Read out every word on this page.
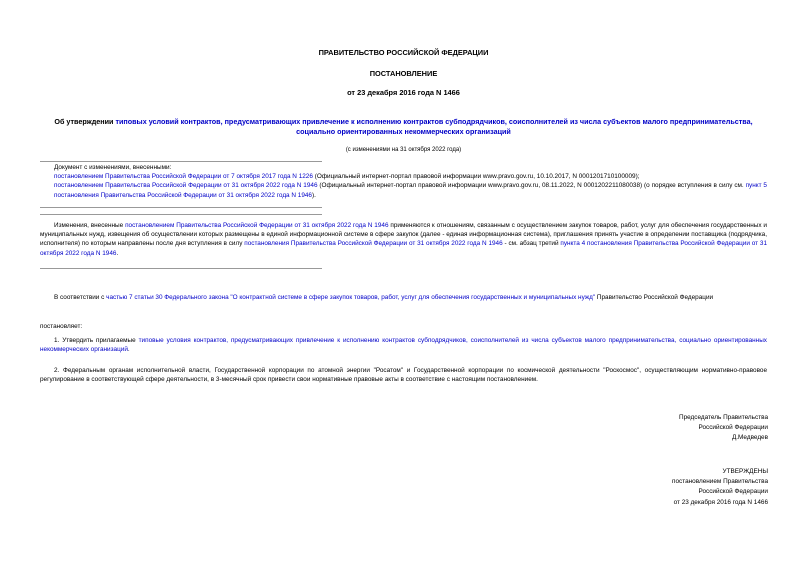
ПРАВИТЕЛЬСТВО РОССИЙСКОЙ ФЕДЕРАЦИИ
ПОСТАНОВЛЕНИЕ
от 23 декабря 2016 года N 1466
Об утверждении типовых условий контрактов, предусматривающих привлечение к исполнению контрактов субподрядчиков, соисполнителей из числа субъектов малого предпринимательства, социально ориентированных некоммерческих организаций
(с изменениями на 31 октября 2022 года)
Документ с изменениями, внесенными:
постановлением Правительства Российской Федерации от 7 октября 2017 года N 1226 (Официальный интернет-портал правовой информации www.pravo.gov.ru, 10.10.2017, N 0001201710100009);
постановлением Правительства Российской Федерации от 31 октября 2022 года N 1946 (Официальный интернет-портал правовой информации www.pravo.gov.ru, 08.11.2022, N 0001202211080038) (о порядке вступления в силу см. пункт 5 постановления Правительства Российской Федерации от 31 октября 2022 года N 1946).
Изменения, внесенные постановлением Правительства Российской Федерации от 31 октября 2022 года N 1946 применяются к отношениям, связанным с осуществлением закупок товаров, работ, услуг для обеспечения государственных и муниципальных нужд, извещения об осуществлении которых размещены в единой информационной системе в сфере закупок (далее - единая информационная система), приглашения принять участие в определении поставщика (подрядчика, исполнителя) по которым направлены после дня вступления в силу постановления Правительства Российской Федерации от 31 октября 2022 года N 1946 - см. абзац третий пункта 4 постановления Правительства Российской Федерации от 31 октября 2022 года N 1946.
В соответствии с частью 7 статьи 30 Федерального закона "О контрактной системе в сфере закупок товаров, работ, услуг для обеспечения государственных и муниципальных нужд" Правительство Российской Федерации
постановляет:
1. Утвердить прилагаемые типовые условия контрактов, предусматривающих привлечение к исполнению контрактов субподрядчиков, соисполнителей из числа субъектов малого предпринимательства, социально ориентированных некоммерческих организаций.
2. Федеральным органам исполнительной власти, Государственной корпорации по атомной энергии "Росатом" и Государственной корпорации по космической деятельности "Роскосмос", осуществляющим нормативно-правовое регулирование в соответствующей сфере деятельности, в 3-месячный срок привести свои нормативные правовые акты в соответствие с настоящим постановлением.
Председатель Правительства
Российской Федерации
Д.Медведев
УТВЕРЖДЕНЫ
постановлением Правительства
Российской Федерации
от 23 декабря 2016 года N 1466
